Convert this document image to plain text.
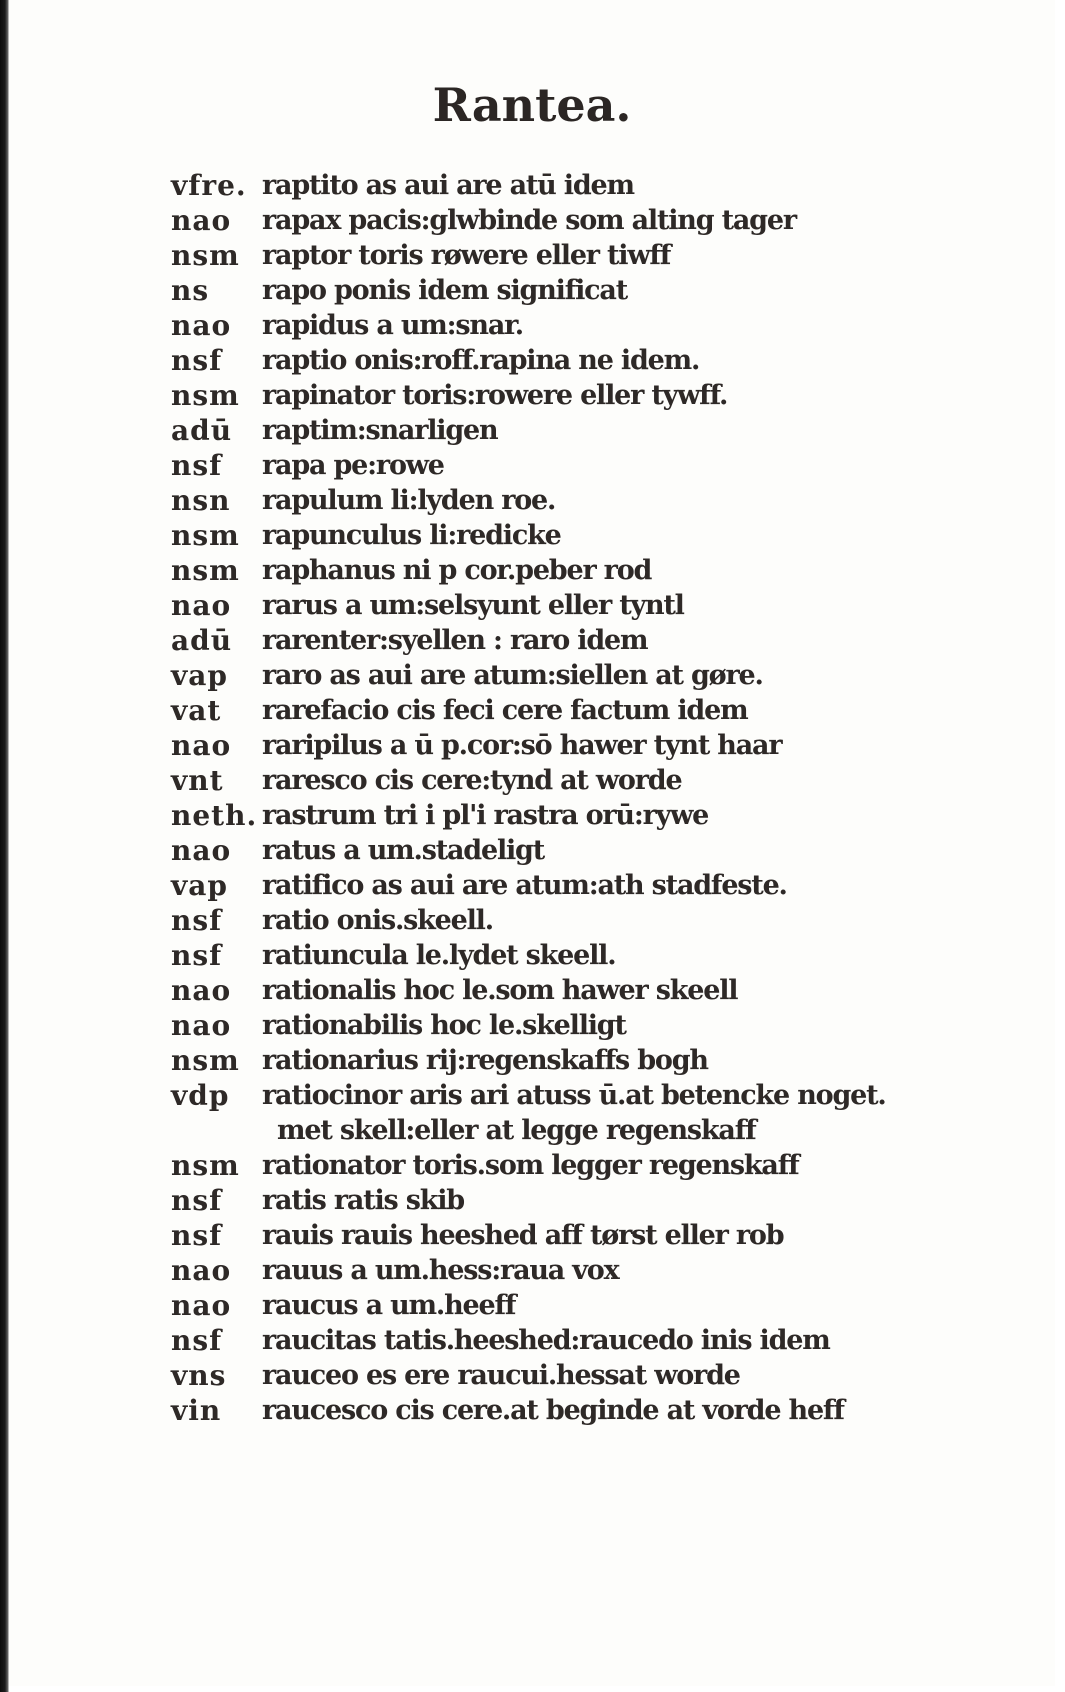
Rantea.
vfre. raptito as aui are atū idem
nao	rapax pacis:glwbinde som alting tager
nsm raptor toris røwere eller tiwff
ns	rapo ponis idem significat
nao	rapidus a um:snar.
nsf	raptio onis:roff.rapina ne idem.
nsm rapinator toris:rowere eller tywff.
adū	raptim:snarligen
nsf	rapa pe:rowe
nsn	rapulum li:lyden roe.
nsm rapunculus li:redicke
nsm raphanus ni p cor.peber rod
nao	rarus a um:selsyunt eller tyntl
adū	rarenter:syellen : raro idem
vap	raro as aui are atum:siellen at gøre.
vat	rarefacio cis feci cere factum idem
nao	raripilus a ū p.cor:sō hawer tynt haar
vnt	raresco cis cere:tynd at worde
neth. rastrum tri i pl'i rastra orū:rywe
nao	ratus a um.stadeligt
vap	ratifico as aui are atum:ath stadfeste.
nsf	ratio onis.skeell.
nsf	ratiuncula le.lydet skeell.
nao	rationalis hoc le.som hawer skeell
nao	rationabilis hoc le.skelligt
nsm rationarius rij:regenskaffs bogh
vdp	ratiocinor aris ari atuss ū.at betencke noget.
met skell:eller at legge regenskaff
nsm rationator toris.som legger regenskaff
nsf	ratis ratis skib
nsf	rauis rauis heeshed aff tørst eller rob
nao	rauus a um.hess:raua vox
nao	raucus a um.heeff
nsf	raucitas tatis.heeshed:raucedo inis idem
vns	rauceo es ere raucui.hessat worde
vin	raucesco cis cere.at beginde at vorde heff
